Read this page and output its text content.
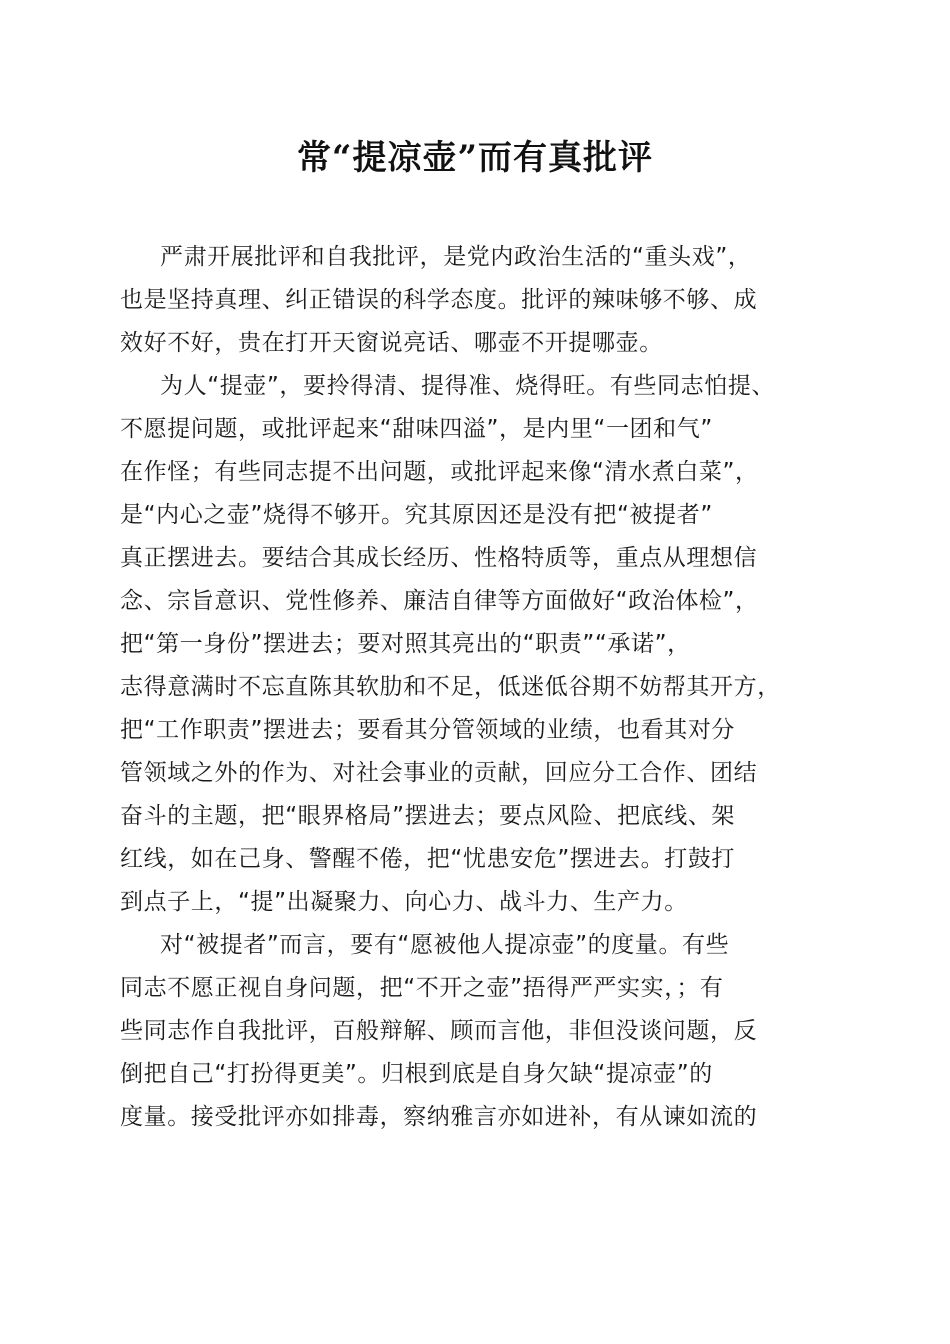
常“提凉壶”而有真批评
严肃开展批评和自我批评，是党内政治生活的“重头戏”，
也是坚持真理、纠正错误的科学态度。批评的辣味够不够、成
效好不好，贵在打开天窗说亮话、哪壶不开提哪壶。
为人“提壶”，要拎得清、提得准、烧得旺。有些同志怕提、
不愿提问题，或批评起来“甜味四溢”，是内里“一团和气”
在作怪；有些同志提不出问题，或批评起来像“清水煮白菜”，
是“内心之壶”烧得不够开。究其原因还是没有把“被提者”
真正摆进去。要结合其成长经历、性格特质等，重点从理想信
念、宗旨意识、党性修养、廉洁自律等方面做好“政治体检”，
把“第一身份”摆进去；要对照其亮出的“职责”“承诺”，
志得意满时不忘直陈其软肋和不足，低迷低谷期不妨帮其开方，
把“工作职责”摆进去；要看其分管领域的业绩，也看其对分
管领域之外的作为、对社会事业的贡献，回应分工合作、团结
奋斗的主题，把“眼界格局”摆进去；要点风险、把底线、架
红线，如在己身、警醒不倦，把“忧患安危”摆进去。打鼓打
到点子上，“提”出凝聚力、向心力、战斗力、生产力。
对“被提者”而言，要有“愿被他人提凉壶”的度量。有些
同志不愿正视自身问题，把“不开之壶”捂得严严实实，；有
些同志作自我批评，百般辩解、顾而言他，非但没谈问题，反
倒把自己“打扮得更美”。归根到底是自身欠缺“提凉壶”的
度量。接受批评亦如排毒，察纳雅言亦如进补，有从谏如流的
